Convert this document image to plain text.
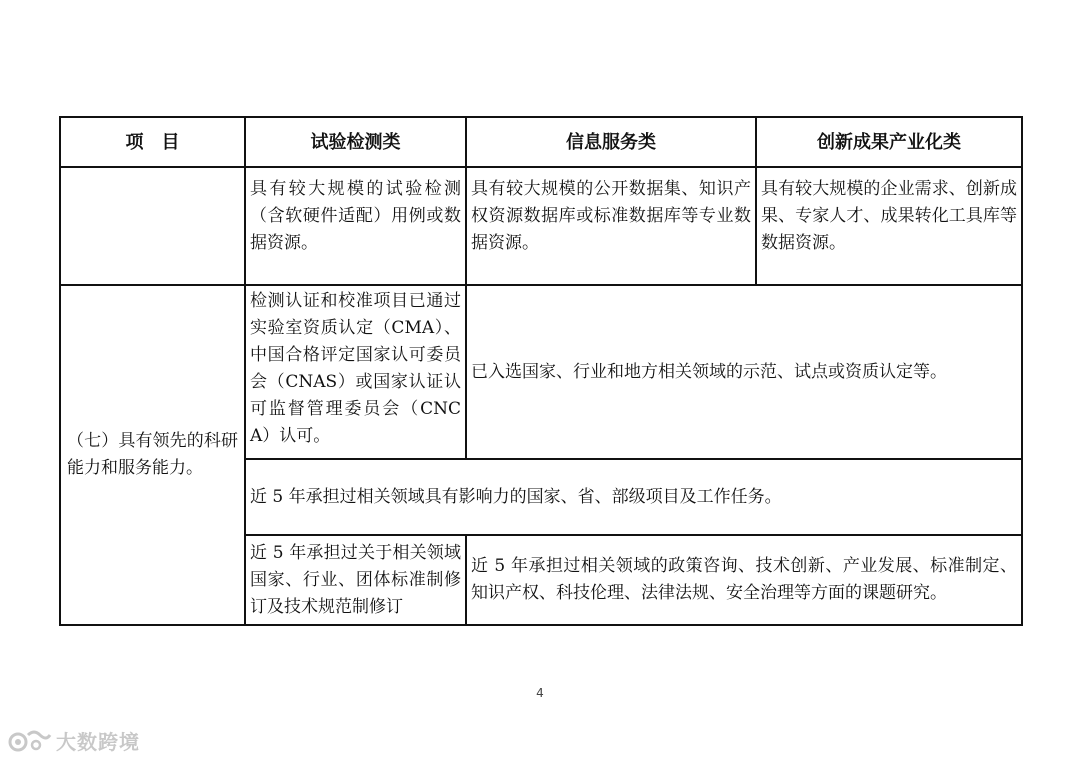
项　目	试验检测类	信息服务类	创新成果产业化类

	具有较大规模的试验检测（含软硬件适配）用例或数据资源。	具有较大规模的公开数据集、知识产权资源数据库或标准数据库等专业数据资源。	具有较大规模的企业需求、创新成果、专家人才、成果转化工具库等数据资源。

（七）具有领先的科研能力和服务能力。	检测认证和校准项目已通过实验室资质认定（CMA）、中国合格评定国家认可委员会（CNAS）或国家认证认可监督管理委员会（CNCA）认可。	已入选国家、行业和地方相关领域的示范、试点或资质认定等。	

	近 5 年承担过相关领域具有影响力的国家、省、部级项目及工作任务。		

	近 5 年承担过关于相关领域国家、行业、团体标准制修订及技术规范制修订	近 5 年承担过相关领域的政策咨询、技术创新、产业发展、标准制定、知识产权、科技伦理、法律法规、安全治理等方面的课题研究。	
4
大数跨境
